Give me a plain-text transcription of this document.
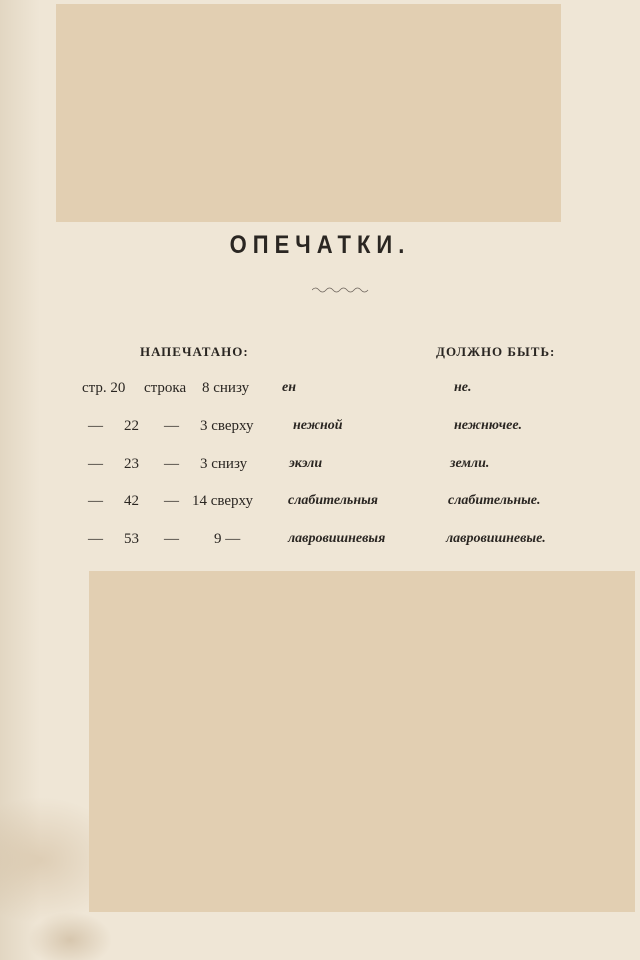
ОПЕЧАТКИ.
НАПЕЧАТАНО:	ДОЛЖНО БЫТЬ:
стр. 20 строка 8 снизу ен	не.
— 22 — 3 сверху	нежной	нежнючее.
— 23 — 3 снизу	экэли	земли.
— 42 — 14 сверху	слабительныя	слабительные.
— 53 — 9 —	лавровишневыя	лавровишневые.
